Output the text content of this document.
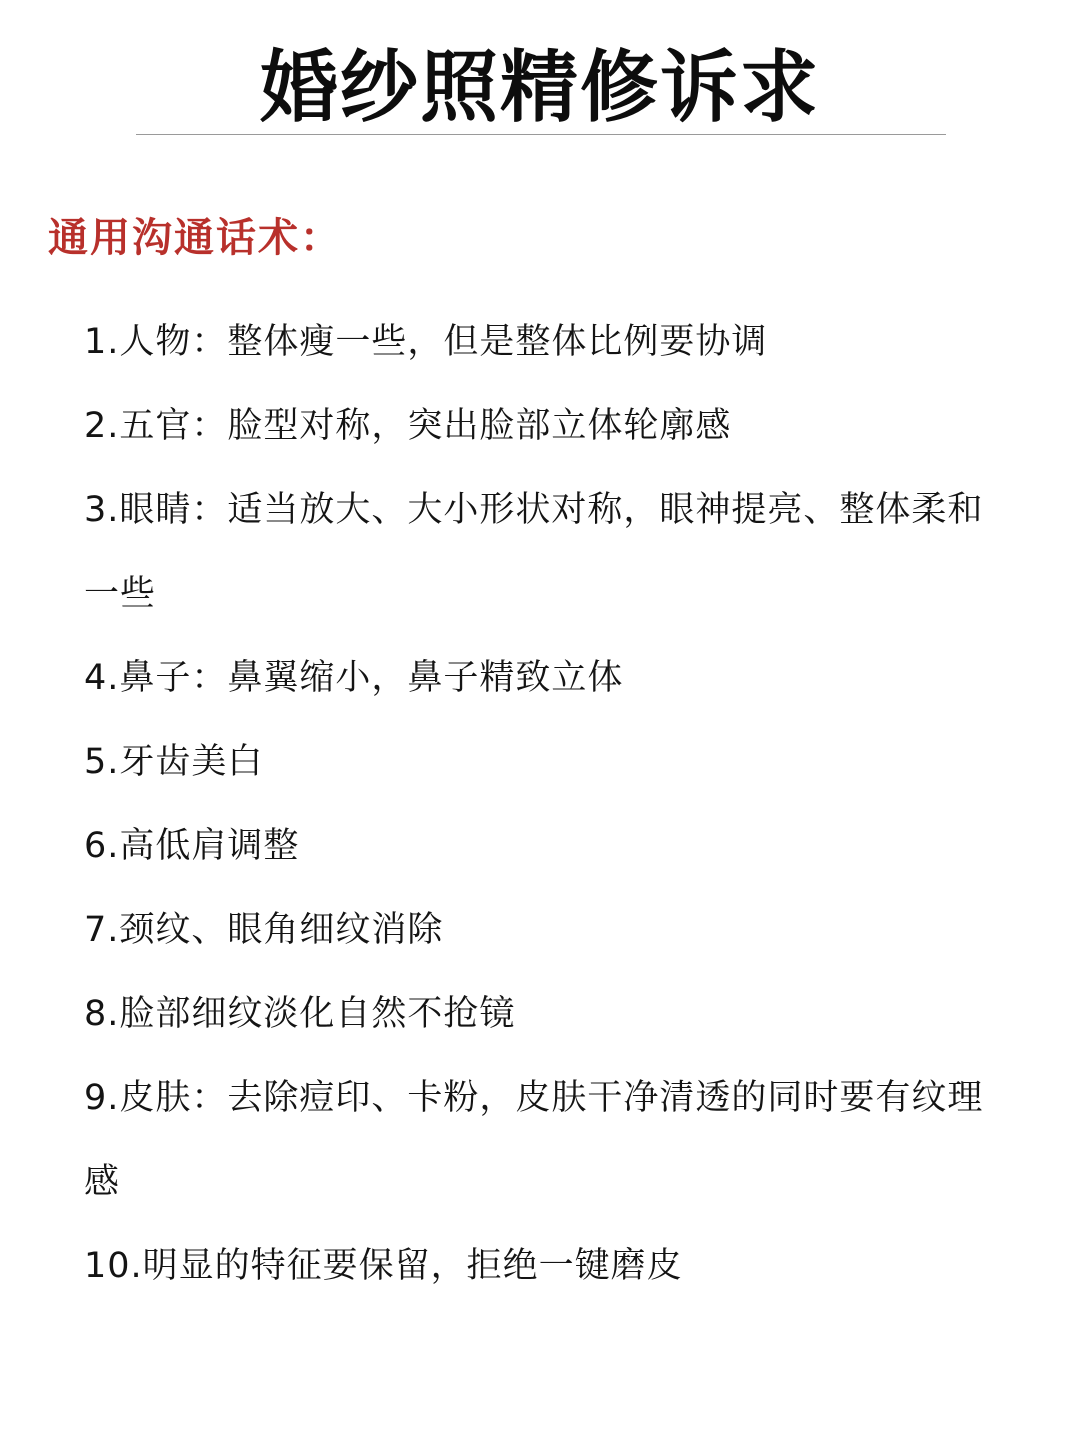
婚纱照精修诉求
通用沟通话术：
1.人物：整体瘦一些，但是整体比例要协调
2.五官：脸型对称，突出脸部立体轮廓感
3.眼睛：适当放大、大小形状对称，眼神提亮、整体柔和一些
4.鼻子：鼻翼缩小，鼻子精致立体
5.牙齿美白
6.高低肩调整
7.颈纹、眼角细纹消除
8.脸部细纹淡化自然不抢镜
9.皮肤：去除痘印、卡粉，皮肤干净清透的同时要有纹理感
10.明显的特征要保留，拒绝一键磨皮
